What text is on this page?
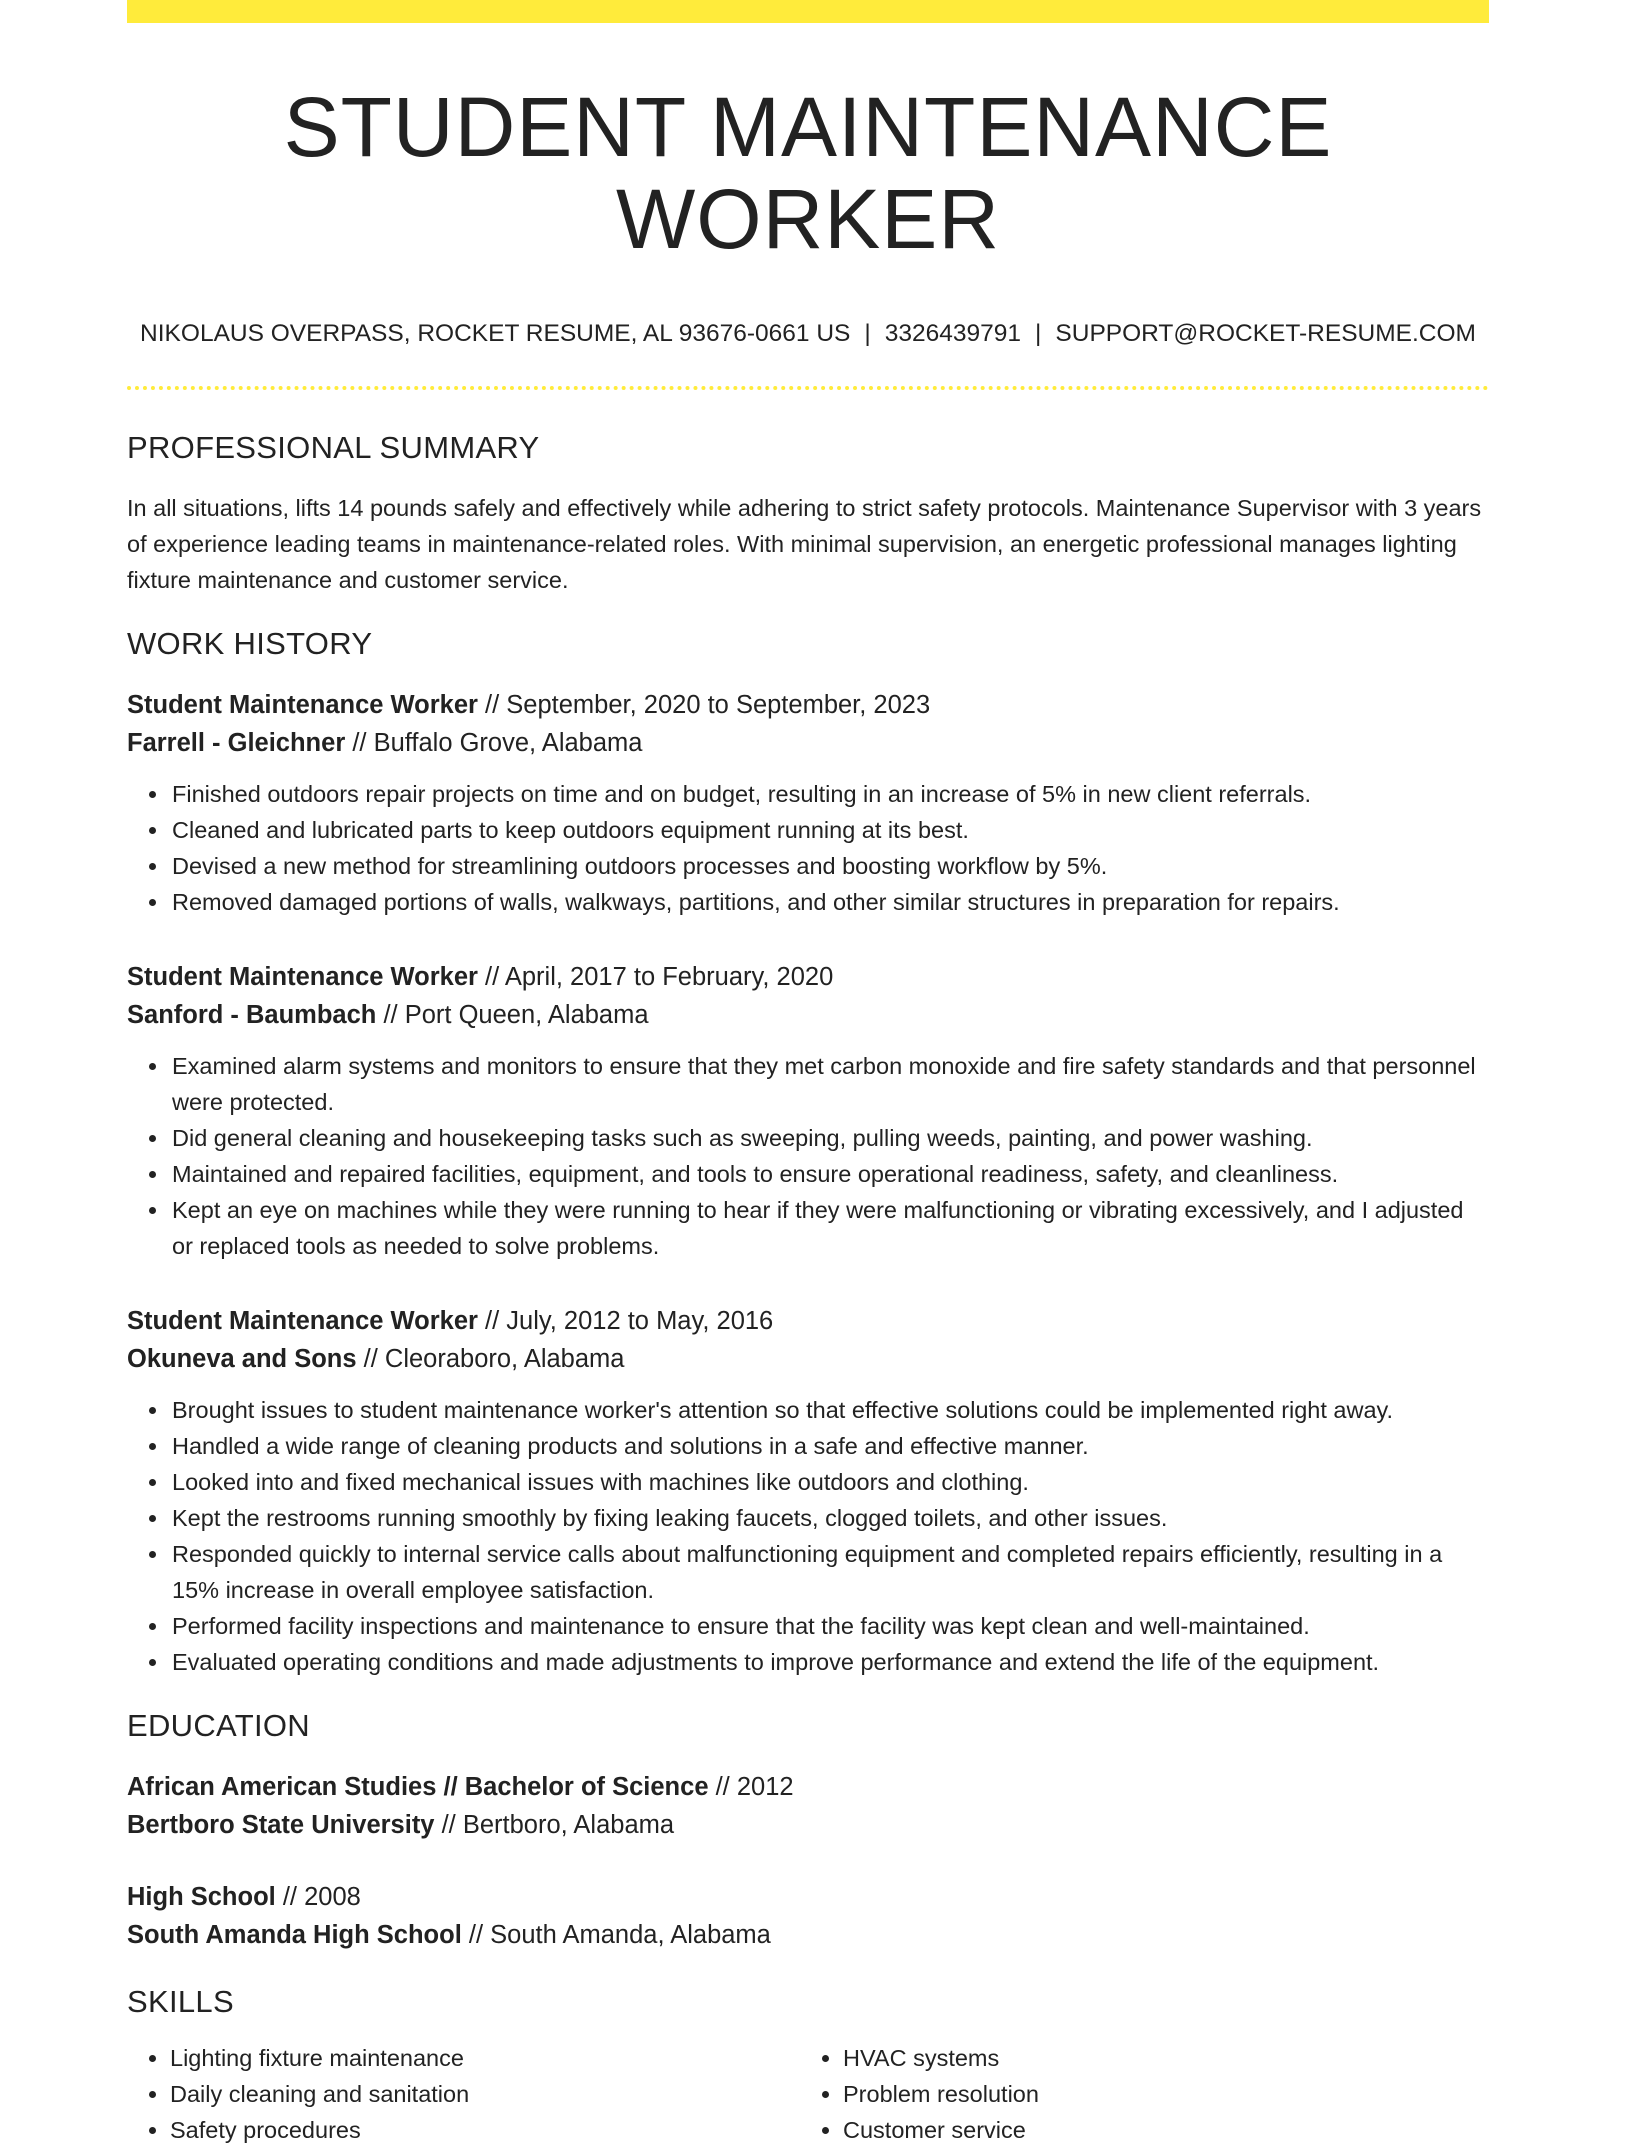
STUDENT MAINTENANCE WORKER
NIKOLAUS OVERPASS, ROCKET RESUME, AL 93676-0661 US | 3326439791 | SUPPORT@ROCKET-RESUME.COM
PROFESSIONAL SUMMARY

In all situations, lifts 14 pounds safely and effectively while adhering to strict safety protocols. Maintenance Supervisor with 3 years of experience leading teams in maintenance-related roles. With minimal supervision, an energetic professional manages lighting fixture maintenance and customer service.

WORK HISTORY
Student Maintenance Worker // September, 2020 to September, 2023
Farrell - Gleichner // Buffalo Grove, Alabama
• Finished outdoors repair projects on time and on budget, resulting in an increase of 5% in new client referrals.
• Cleaned and lubricated parts to keep outdoors equipment running at its best.
• Devised a new method for streamlining outdoors processes and boosting workflow by 5%.
• Removed damaged portions of walls, walkways, partitions, and other similar structures in preparation for repairs.
Student Maintenance Worker // April, 2017 to February, 2020
Sanford - Baumbach // Port Queen, Alabama
• Examined alarm systems and monitors to ensure that they met carbon monoxide and fire safety standards and that personnel were protected.
• Did general cleaning and housekeeping tasks such as sweeping, pulling weeds, painting, and power washing.
• Maintained and repaired facilities, equipment, and tools to ensure operational readiness, safety, and cleanliness.
• Kept an eye on machines while they were running to hear if they were malfunctioning or vibrating excessively, and I adjusted or replaced tools as needed to solve problems.
Student Maintenance Worker // July, 2012 to May, 2016
Okuneva and Sons // Cleoraboro, Alabama
• Brought issues to student maintenance worker's attention so that effective solutions could be implemented right away.
• Handled a wide range of cleaning products and solutions in a safe and effective manner.
• Looked into and fixed mechanical issues with machines like outdoors and clothing.
• Kept the restrooms running smoothly by fixing leaking faucets, clogged toilets, and other issues.
• Responded quickly to internal service calls about malfunctioning equipment and completed repairs efficiently, resulting in a 15% increase in overall employee satisfaction.
• Performed facility inspections and maintenance to ensure that the facility was kept clean and well-maintained.
• Evaluated operating conditions and made adjustments to improve performance and extend the life of the equipment.
EDUCATION
African American Studies // Bachelor of Science // 2012
Bertboro State University // Bertboro, Alabama
High School // 2008
South Amanda High School // South Amanda, Alabama
SKILLS
• Lighting fixture maintenance
• Daily cleaning and sanitation
• Safety procedures
• HVAC systems
• Problem resolution
• Customer service
